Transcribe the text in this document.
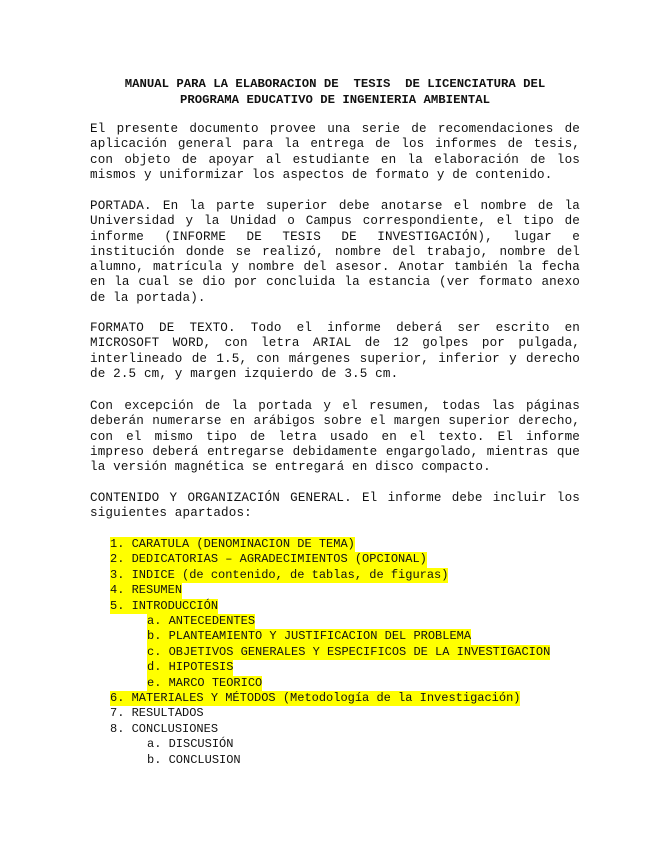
MANUAL PARA LA ELABORACION DE  TESIS  DE LICENCIATURA DEL
PROGRAMA EDUCATIVO DE INGENIERIA AMBIENTAL
El presente documento provee una serie de recomendaciones de aplicación general para la entrega de los informes de tesis, con objeto de apoyar al estudiante en la elaboración de los mismos y uniformizar los aspectos de formato y de contenido.
PORTADA. En la parte superior debe anotarse el nombre de la Universidad y la Unidad o Campus correspondiente, el tipo de informe (INFORME DE TESIS DE INVESTIGACIÓN), lugar e institución donde se realizó, nombre del trabajo, nombre del alumno, matrícula y nombre del asesor. Anotar también la fecha en la cual se dio por concluida la estancia (ver formato anexo de la portada).
FORMATO DE TEXTO. Todo el informe deberá ser escrito en MICROSOFT WORD, con letra ARIAL de 12 golpes por pulgada, interlineado de 1.5, con márgenes superior, inferior y derecho de 2.5 cm, y margen izquierdo de 3.5 cm.
Con excepción de la portada y el resumen, todas las páginas deberán numerarse en arábigos sobre el margen superior derecho, con el mismo tipo de letra usado en el texto. El informe impreso deberá entregarse debidamente engargolado, mientras que la versión magnética se entregará en disco compacto.
CONTENIDO Y ORGANIZACIÓN GENERAL. El informe debe incluir los siguientes apartados:
1. CARATULA (DENOMINACION DE TEMA)
2. DEDICATORIAS – AGRADECIMIENTOS (OPCIONAL)
3. INDICE (de contenido, de tablas, de figuras)
4. RESUMEN
5. INTRODUCCIÓN
a. ANTECEDENTES
b. PLANTEAMIENTO Y JUSTIFICACION DEL PROBLEMA
c. OBJETIVOS GENERALES Y ESPECIFICOS DE LA INVESTIGACION
d. HIPOTESIS
e. MARCO TEORICO
6. MATERIALES Y MÉTODOS (Metodología de la Investigación)
7. RESULTADOS
8. CONCLUSIONES
a. DISCUSIÓN
b. CONCLUSION
